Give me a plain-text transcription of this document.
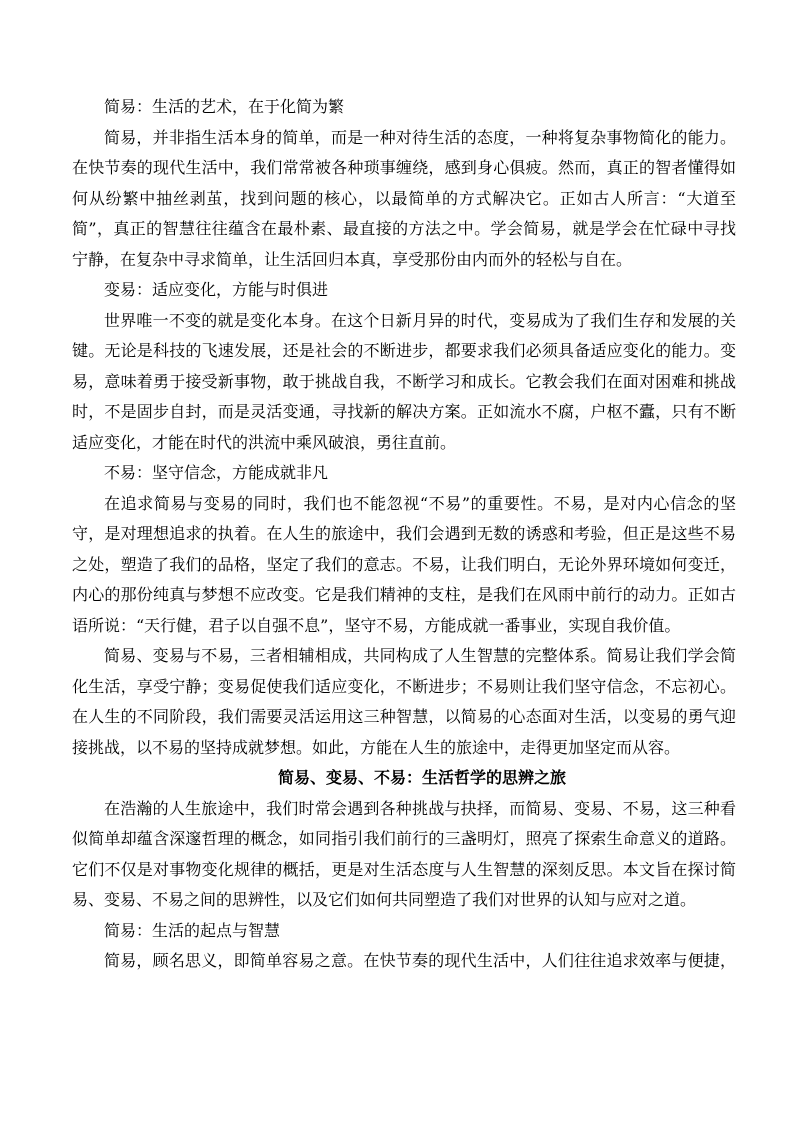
简易：生活的艺术，在于化简为繁
简易，并非指生活本身的简单，而是一种对待生活的态度，一种将复杂事物简化的能力。
在快节奏的现代生活中，我们常常被各种琐事缠绕，感到身心俱疲。然而，真正的智者懂得如
何从纷繁中抽丝剥茧，找到问题的核心，以最简单的方式解决它。正如古人所言：“大道至
简”，真正的智慧往往蕴含在最朴素、最直接的方法之中。学会简易，就是学会在忙碌中寻找
宁静，在复杂中寻求简单，让生活回归本真，享受那份由内而外的轻松与自在。
变易：适应变化，方能与时俱进
世界唯一不变的就是变化本身。在这个日新月异的时代，变易成为了我们生存和发展的关
键。无论是科技的飞速发展，还是社会的不断进步，都要求我们必须具备适应变化的能力。变
易，意味着勇于接受新事物，敢于挑战自我，不断学习和成长。它教会我们在面对困难和挑战
时，不是固步自封，而是灵活变通，寻找新的解决方案。正如流水不腐，户枢不蠹，只有不断
适应变化，才能在时代的洪流中乘风破浪，勇往直前。
不易：坚守信念，方能成就非凡
在追求简易与变易的同时，我们也不能忽视“不易”的重要性。不易，是对内心信念的坚
守，是对理想追求的执着。在人生的旅途中，我们会遇到无数的诱惑和考验，但正是这些不易
之处，塑造了我们的品格，坚定了我们的意志。不易，让我们明白，无论外界环境如何变迁，
内心的那份纯真与梦想不应改变。它是我们精神的支柱，是我们在风雨中前行的动力。正如古
语所说：“天行健，君子以自强不息”，坚守不易，方能成就一番事业，实现自我价值。
简易、变易与不易，三者相辅相成，共同构成了人生智慧的完整体系。简易让我们学会简
化生活，享受宁静；变易促使我们适应变化，不断进步；不易则让我们坚守信念，不忘初心。
在人生的不同阶段，我们需要灵活运用这三种智慧，以简易的心态面对生活，以变易的勇气迎
接挑战，以不易的坚持成就梦想。如此，方能在人生的旅途中，走得更加坚定而从容。
简易、变易、不易：生活哲学的思辨之旅
在浩瀚的人生旅途中，我们时常会遇到各种挑战与抉择，而简易、变易、不易，这三种看
似简单却蕴含深邃哲理的概念，如同指引我们前行的三盏明灯，照亮了探索生命意义的道路。
它们不仅是对事物变化规律的概括，更是对生活态度与人生智慧的深刻反思。本文旨在探讨简
易、变易、不易之间的思辨性，以及它们如何共同塑造了我们对世界的认知与应对之道。
简易：生活的起点与智慧
简易，顾名思义，即简单容易之意。在快节奏的现代生活中，人们往往追求效率与便捷，
